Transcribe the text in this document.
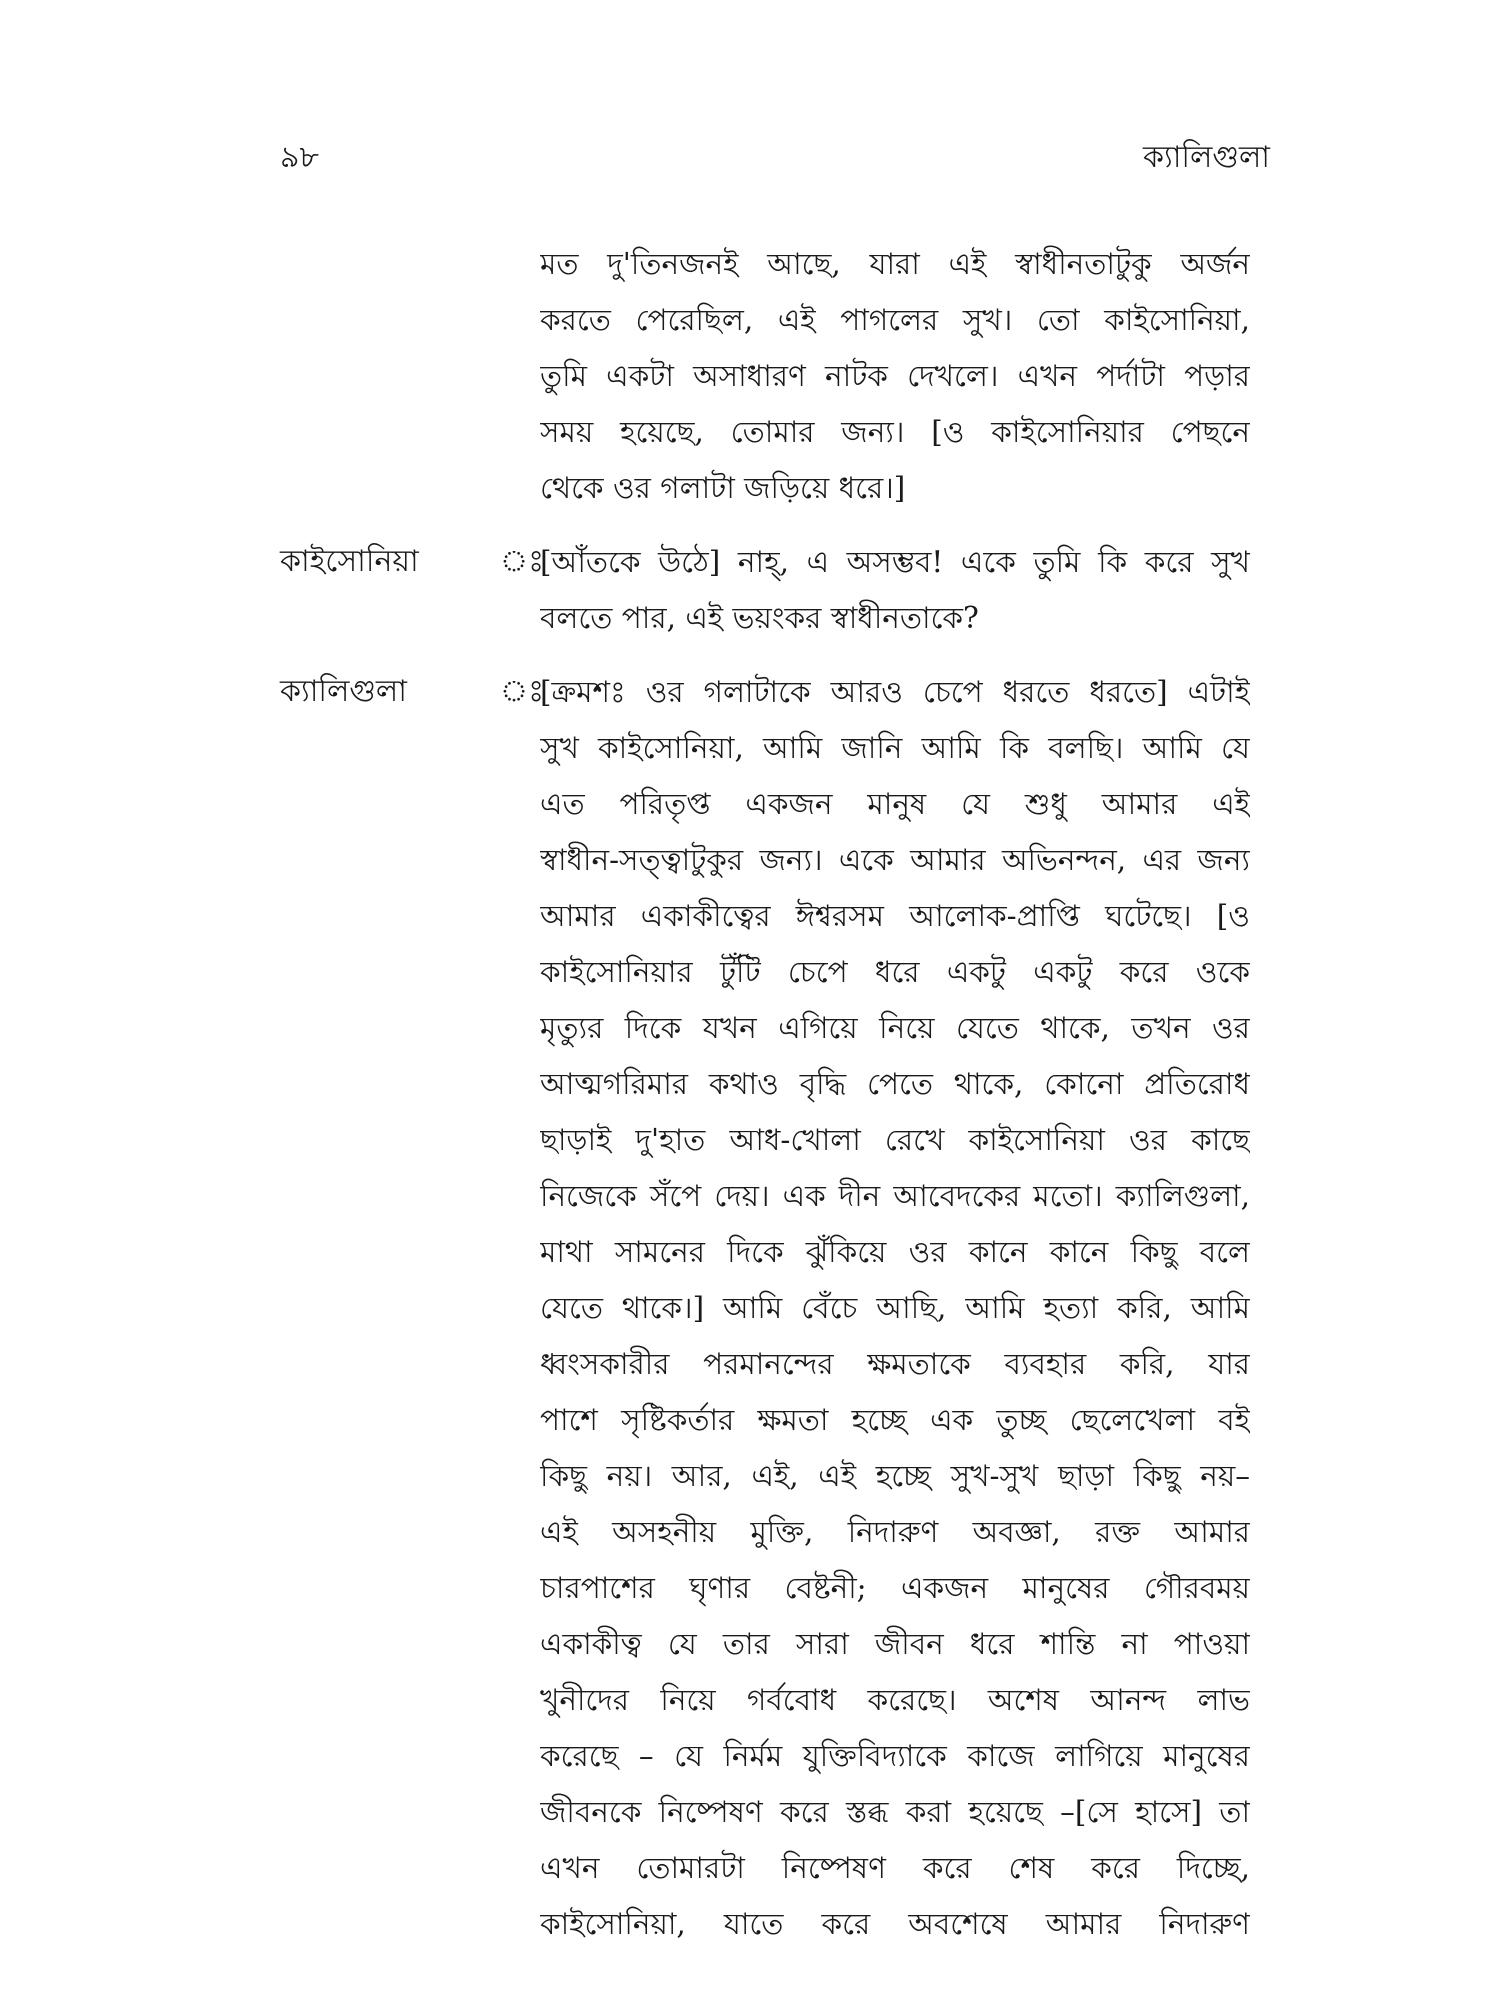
৯৮	ক্যালিগুলা
মত দু'তিনজনই আছে, যারা এই স্বাধীনতাটুকু অর্জন
করতে পেরেছিল, এই পাগলের সুখ। তো কাইসোনিয়া,
তুমি একটা অসাধারণ নাটক দেখলে। এখন পর্দাটা পড়ার
সময় হয়েছে, তোমার জন্য। [ও কাইসোনিয়ার পেছনে
থেকে ওর গলাটা জড়িয়ে ধরে।]
কাইসোনিয়া	ঃ
[আঁতকে উঠে] নাহ্, এ অসম্ভব! একে তুমি কি করে সুখ
বলতে পার, এই ভয়ংকর স্বাধীনতাকে?
ক্যালিগুলা	ঃ
[ক্রমশঃ ওর গলাটাকে আরও চেপে ধরতে ধরতে] এটাই
সুখ কাইসোনিয়া, আমি জানি আমি কি বলছি। আমি যে
এত পরিতৃপ্ত একজন মানুষ যে শুধু আমার এই
স্বাধীন-সত্ত্বাটুকুর জন্য। একে আমার অভিনন্দন, এর জন্য
আমার একাকীত্বের ঈশ্বরসম আলোক-প্রাপ্তি ঘটেছে। [ও
কাইসোনিয়ার টুঁটি চেপে ধরে একটু একটু করে ওকে
মৃত্যুর দিকে যখন এগিয়ে নিয়ে যেতে থাকে, তখন ওর
আত্মগরিমার কথাও বৃদ্ধি পেতে থাকে, কোনো প্রতিরোধ
ছাড়াই দু'হাত আধ-খোলা রেখে কাইসোনিয়া ওর কাছে
নিজেকে সঁপে দেয়। এক দীন আবেদকের মতো। ক্যালিগুলা,
মাথা সামনের দিকে ঝুঁকিয়ে ওর কানে কানে কিছু বলে
যেতে থাকে।] আমি বেঁচে আছি, আমি হত্যা করি, আমি
ধ্বংসকারীর পরমানন্দের ক্ষমতাকে ব্যবহার করি, যার
পাশে সৃষ্টিকর্তার ক্ষমতা হচ্ছে এক তুচ্ছ ছেলেখেলা বই
কিছু নয়। আর, এই, এই হচ্ছে সুখ-সুখ ছাড়া কিছু নয়–
এই অসহনীয় মুক্তি, নিদারুণ অবজ্ঞা, রক্ত আমার
চারপাশের ঘৃণার বেষ্টনী; একজন মানুষের গৌরবময়
একাকীত্ব যে তার সারা জীবন ধরে শান্তি না পাওয়া
খুনীদের নিয়ে গর্ববোধ করেছে। অশেষ আনন্দ লাভ
করেছে – যে নির্মম যুক্তিবিদ্যাকে কাজে লাগিয়ে মানুষের
জীবনকে নিষ্পেষণ করে স্তব্ধ করা হয়েছে –[সে হাসে] তা
এখন তোমারটা নিষ্পেষণ করে শেষ করে দিচ্ছে,
কাইসোনিয়া, যাতে করে অবশেষে আমার নিদারুণ
